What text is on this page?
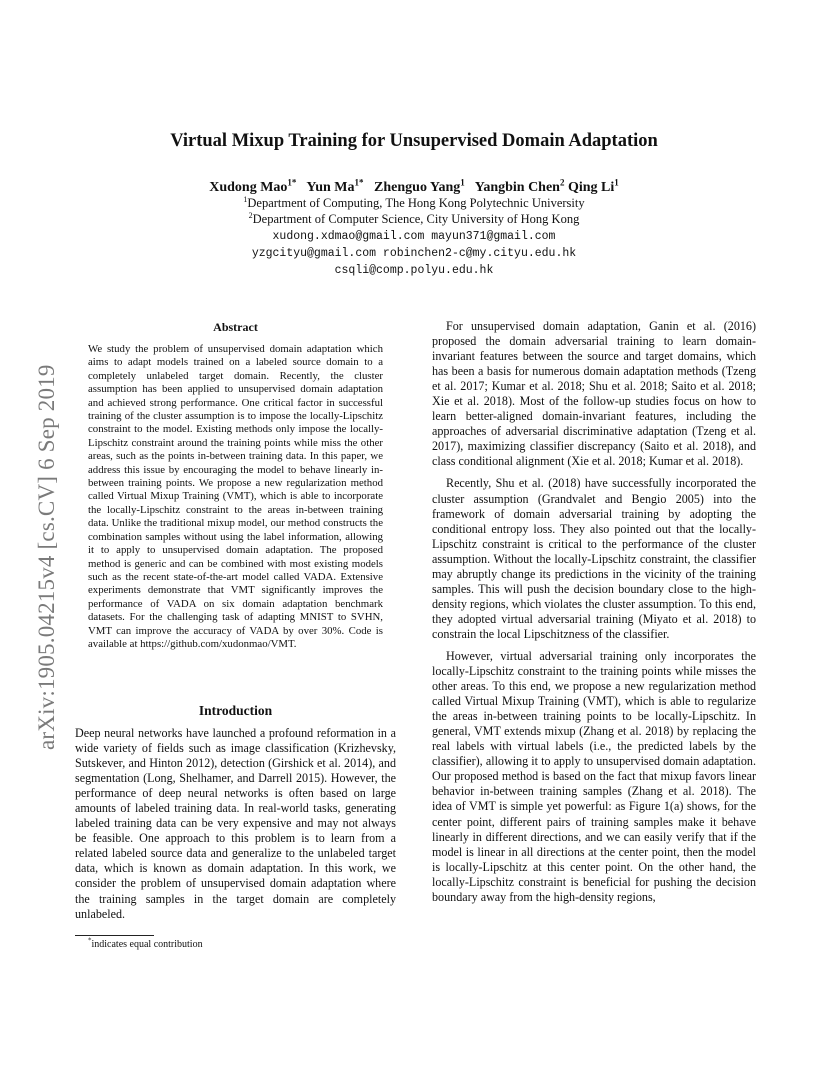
Virtual Mixup Training for Unsupervised Domain Adaptation
Xudong Mao$^{1*}$ Yun $Ma^{1*}$ Zhenguo Yang$^1$ Yangbin Chen$^2$ Qing Li$^1$
$^1$Department of Computing, The Hong Kong Polytechnic University
$^2$Department of Computer Science, City University of Hong Kong
xudong.xdmao@gmail.com mayun371@gmail.com
yzgcityu@gmail.com robinchen2-c@my.cityu.edu.hk
csqli@comp.polyu.edu.hk
arXiv:1905.04215v4 [cs.CV] 6 Sep 2019
Abstract

We study the problem of unsupervised domain adaptation which aims to adapt models trained on a labeled source domain to a completely unlabeled target domain. Recently, the cluster assumption has been applied to unsupervised domain adaptation and achieved strong performance. One critical factor in successful training of the cluster assumption is to impose the locally-Lipschitz constraint to the model. Existing methods only impose the locally-Lipschitz constraint around the training points while miss the other areas, such as the points in-between training data. In this paper, we address this issue by encouraging the model to behave linearly in-between training points. We propose a new regularization method called Virtual Mixup Training (VMT), which is able to incorporate the locally-Lipschitz constraint to the areas in-between training data. Unlike the traditional mixup model, our method constructs the combination samples without using the label information, allowing it to apply to unsupervised domain adaptation. The proposed method is generic and can be combined with most existing models such as the recent state-of-the-art model called VADA. Extensive experiments demonstrate that VMT significantly improves the performance of VADA on six domain adaptation benchmark datasets. For the challenging task of adapting MNIST to SVHN, VMT can improve the accuracy of VADA by over 30%. Code is available at https://github.com/xudonmao/VMT.

Introduction

Deep neural networks have launched a profound reformation in a wide variety of fields such as image classification (Krizhevsky, Sutskever, and Hinton 2012), detection (Girshick et al. 2014), and segmentation (Long, Shelhamer, and Darrell 2015). However, the performance of deep neural networks is often based on large amounts of labeled training data. In real-world tasks, generating labeled training data can be very expensive and may not always be feasible. One approach to this problem is to learn from a related labeled source data and generalize to the unlabeled target data, which is known as domain adaptation. In this work, we consider the problem of unsupervised domain adaptation where the training samples in the target domain are completely unlabeled.

*indicates equal contribution

For unsupervised domain adaptation, Ganin et al. (2016) proposed the domain adversarial training to learn domain-invariant features between the source and target domains, which has been a basis for numerous domain adaptation methods (Tzeng et al. 2017; Kumar et al. 2018; Shu et al. 2018; Saito et al. 2018; Xie et al. 2018). Most of the follow-up studies focus on how to learn better-aligned domain-invariant features, including the approaches of adversarial discriminative adaptation (Tzeng et al. 2017), maximizing classifier discrepancy (Saito et al. 2018), and class conditional alignment (Xie et al. 2018; Kumar et al. 2018).

Recently, Shu et al. (2018) have successfully incorporated the cluster assumption (Grandvalet and Bengio 2005) into the framework of domain adversarial training by adopting the conditional entropy loss. They also pointed out that the locally-Lipschitz constraint is critical to the performance of the cluster assumption. Without the locally-Lipschitz constraint, the classifier may abruptly change its predictions in the vicinity of the training samples. This will push the decision boundary close to the high-density regions, which violates the cluster assumption. To this end, they adopted virtual adversarial training (Miyato et al. 2018) to constrain the local Lipschitzness of the classifier.

However, virtual adversarial training only incorporates the locally-Lipschitz constraint to the training points while misses the other areas. To this end, we propose a new regularization method called Virtual Mixup Training (VMT), which is able to regularize the areas in-between training points to be locally-Lipschitz. In general, VMT extends mixup (Zhang et al. 2018) by replacing the real labels with virtual labels (i.e., the predicted labels by the classifier), allowing it to apply to unsupervised domain adaptation. Our proposed method is based on the fact that mixup favors linear behavior in-between training samples (Zhang et al. 2018). The idea of VMT is simple yet powerful: as Figure 1(a) shows, for the center point, different pairs of training samples make it behave linearly in different directions, and we can easily verify that if the model is linear in all directions at the center point, then the model is locally-Lipschitz at this center point. On the other hand, the locally-Lipschitz constraint is beneficial for pushing the decision boundary away from the high-density regions,
